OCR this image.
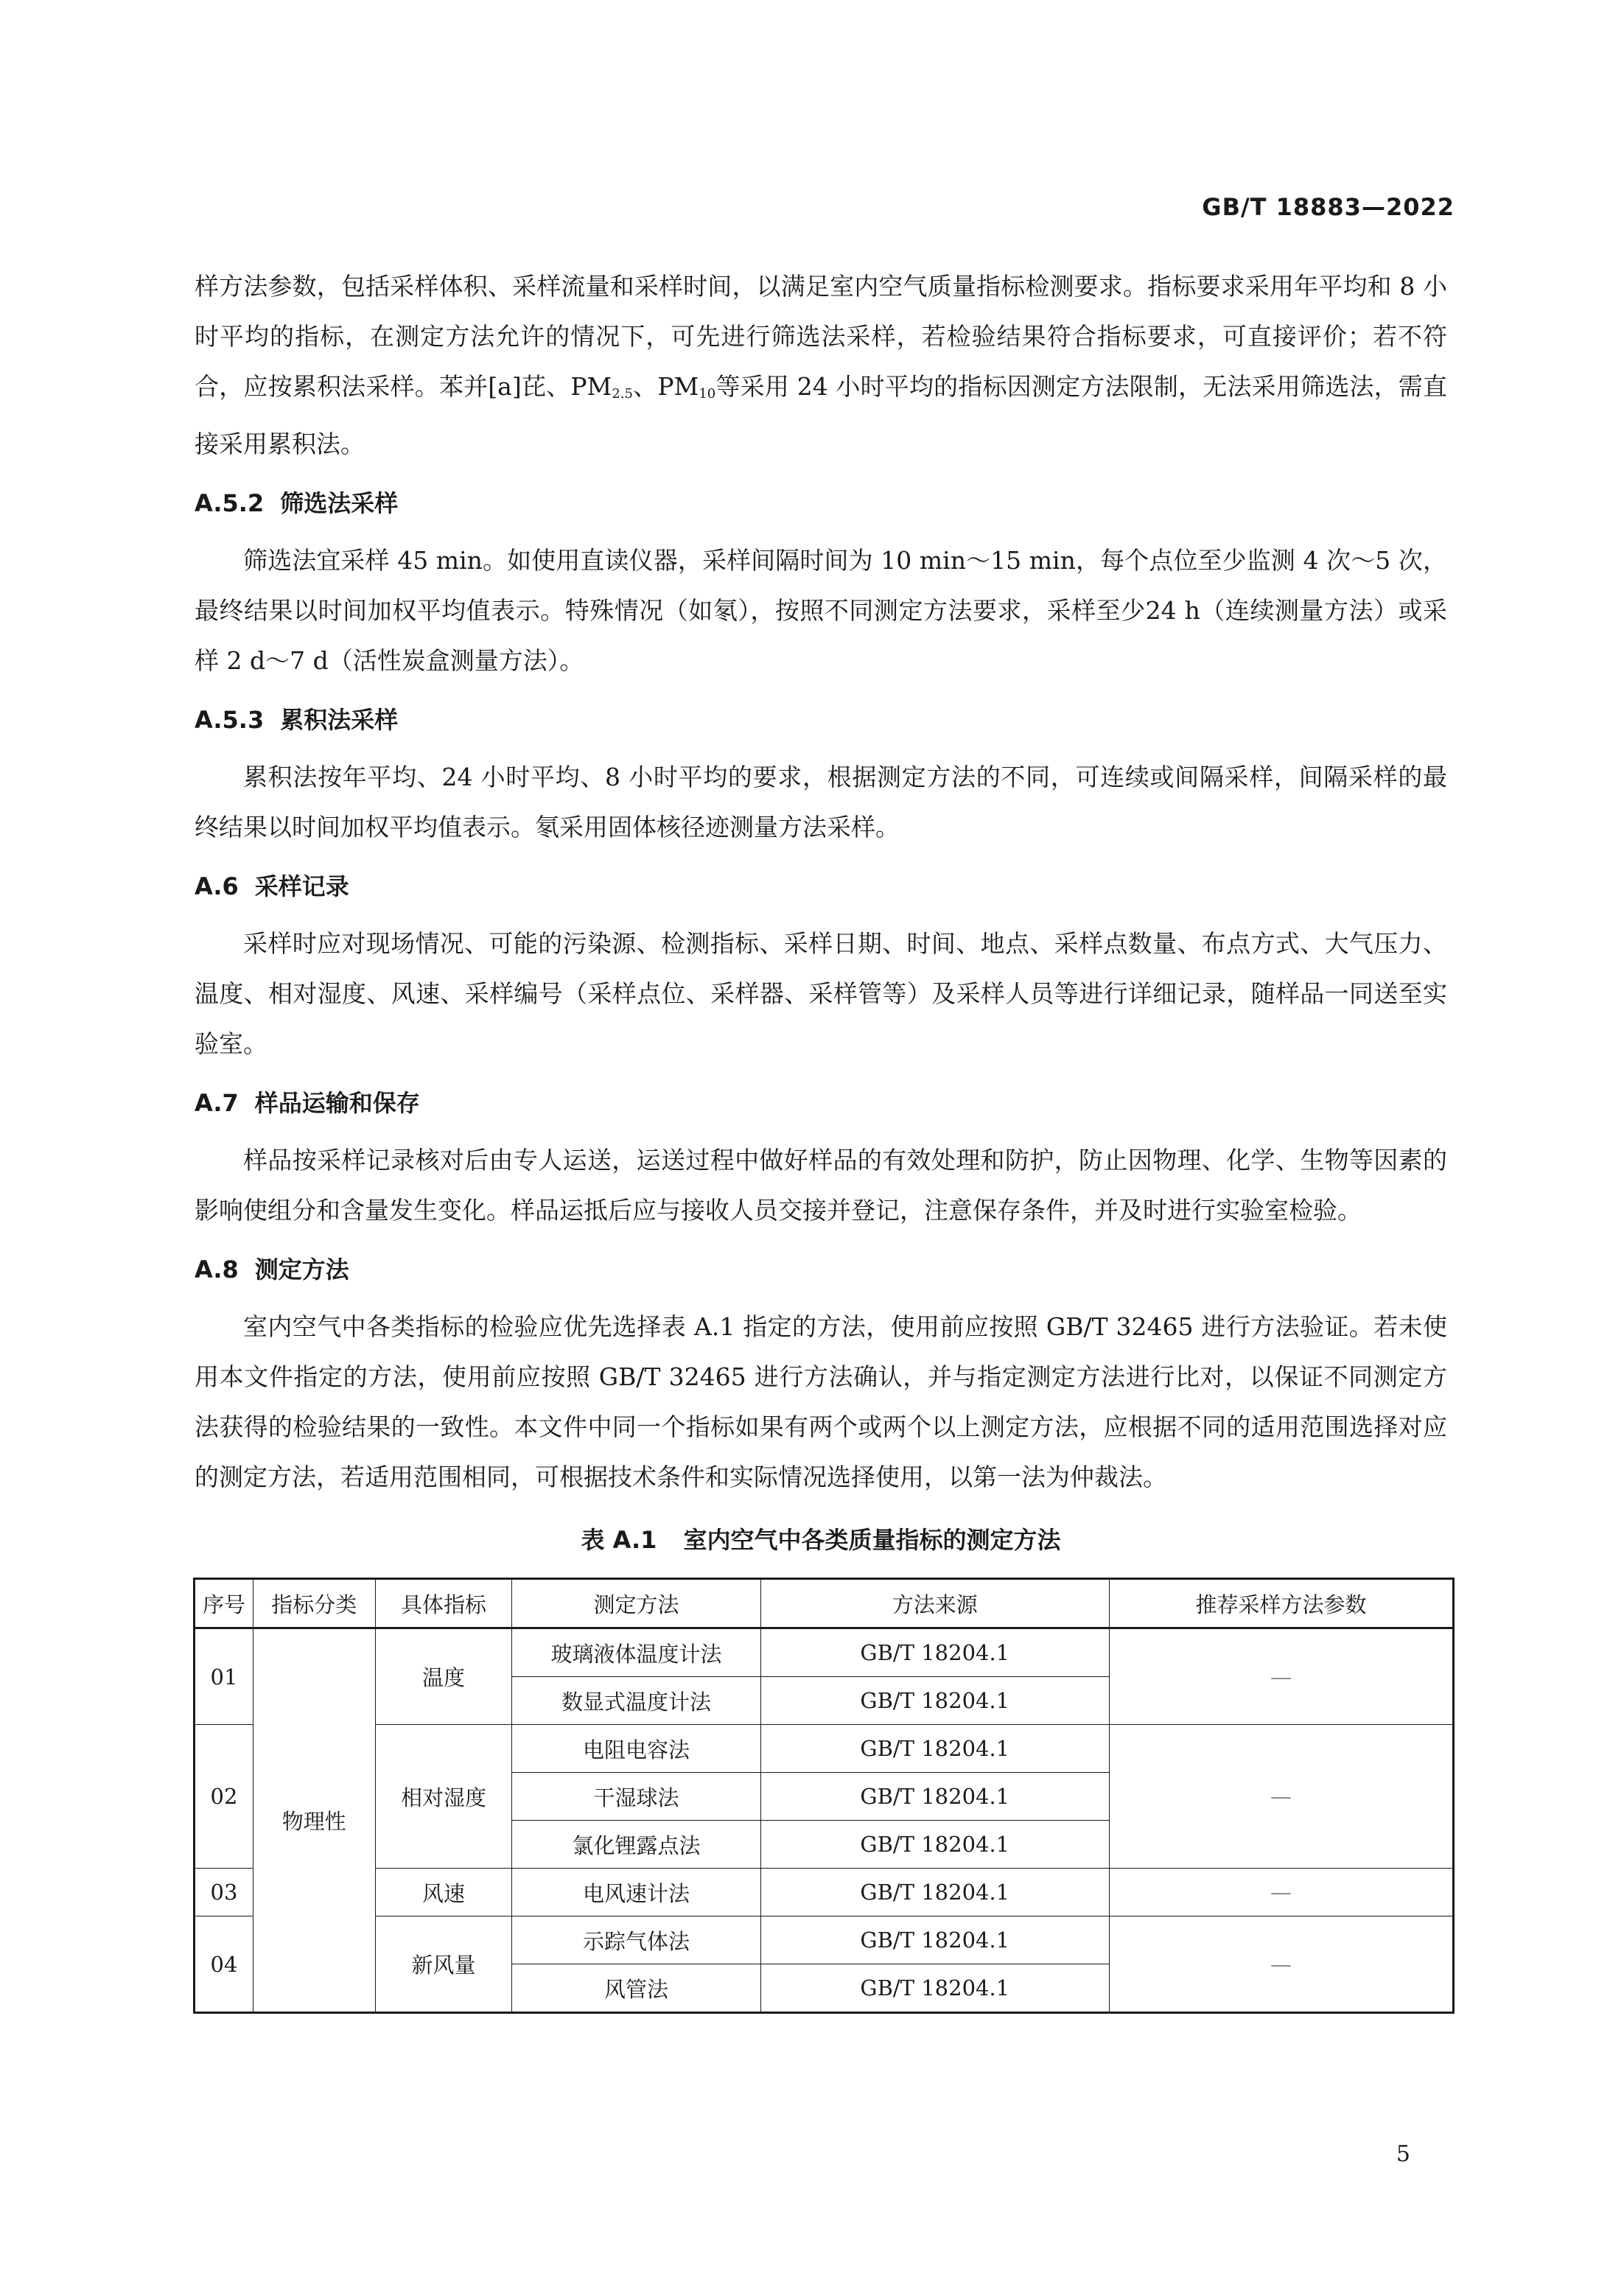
GB/T 18883—2022

样方法参数，包括采样体积、采样流量和采样时间，以满足室内空气质量指标检测要求。指标要求采用年平均和 8 小时平均的指标，在测定方法允许的情况下，可先进行筛选法采样，若检验结果符合指标要求，可直接评价；若不符合，应按累积法采样。苯并[a]芘、$PM_{2.5}$、$PM_{10}$等采用 24 小时平均的指标因测定方法限制，无法采用筛选法，需直接采用累积法。

A.5.2 筛选法采样

筛选法宜采样 45 min。如使用直读仪器，采样间隔时间为 10 min～15 min，每个点位至少监测 4 次～5 次，最终结果以时间加权平均值表示。特殊情况（如氡），按照不同测定方法要求，采样至少24 h（连续测量方法）或采样 2 d～7 d（活性炭盒测量方法）。

A.5.3 累积法采样

累积法按年平均、24 小时平均、8 小时平均的要求，根据测定方法的不同，可连续或间隔采样，间隔采样的最终结果以时间加权平均值表示。氡采用固体核径迹测量方法采样。

A.6 采样记录

采样时应对现场情况、可能的污染源、检测指标、采样日期、时间、地点、采样点数量、布点方式、大气压力、温度、相对湿度、风速、采样编号（采样点位、采样器、采样管等）及采样人员等进行详细记录，随样品一同送至实验室。

A.7 样品运输和保存

样品按采样记录核对后由专人运送，运送过程中做好样品的有效处理和防护，防止因物理、化学、生物等因素的影响使组分和含量发生变化。样品运抵后应与接收人员交接并登记，注意保存条件，并及时进行实验室检验。

A.8 测定方法

室内空气中各类指标的检验应优先选择表 A.1 指定的方法，使用前应按照 GB/T 32465 进行方法验证。若未使用本文件指定的方法，使用前应按照 GB/T 32465 进行方法确认，并与指定测定方法进行比对，以保证不同测定方法获得的检验结果的一致性。本文件中同一个指标如果有两个或两个以上测定方法，应根据不同的适用范围选择对应的测定方法，若适用范围相同，可根据技术条件和实际情况选择使用，以第一法为仲裁法。

表 A.1 室内空气中各类质量指标的测定方法
序号	指标分类	具体指标	测定方法	方法来源	推荐采样方法参数
01	物理性	温度	玻璃液体温度计法	GB/T 18204.1	—
			数显式温度计法	GB/T 18204.1	
02		相对湿度	电阻电容法	GB/T 18204.1	—
			干湿球法	GB/T 18204.1	
			氯化锂露点法	GB/T 18204.1	
03		风速	电风速计法	GB/T 18204.1	—
04		新风量	示踪气体法	GB/T 18204.1	—
			风管法	GB/T 18204.1	
5
